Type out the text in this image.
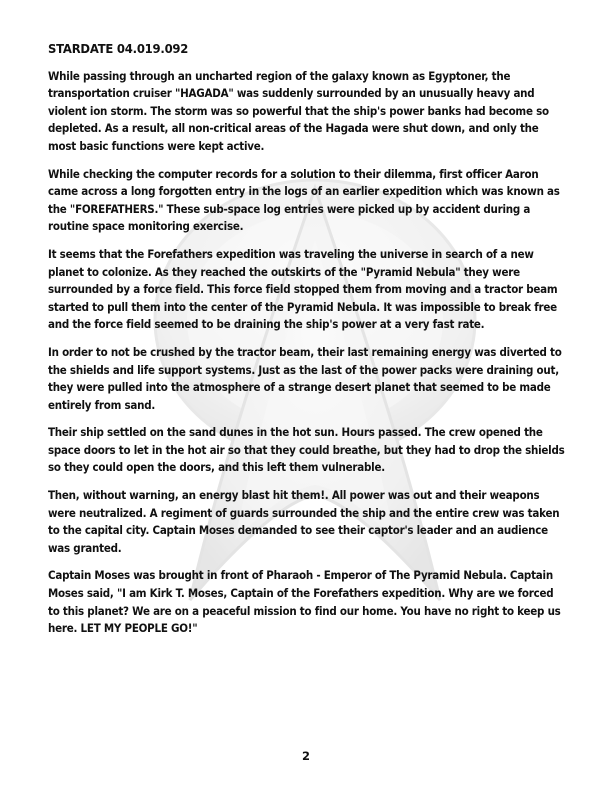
STARDATE 04.019.092

While passing through an uncharted region of the galaxy known as Egyptoner, the transportation cruiser "HAGADA" was suddenly surrounded by an unusually heavy and violent ion storm. The storm was so powerful that the ship's power banks had become so depleted. As a result, all non-critical areas of the Hagada were shut down, and only the most basic functions were kept active.

While checking the computer records for a solution to their dilemma, first officer Aaron came across a long forgotten entry in the logs of an earlier expedition which was known as the "FOREFATHERS." These sub-space log entries were picked up by accident during a routine space monitoring exercise.

It seems that the Forefathers expedition was traveling the universe in search of a new planet to colonize. As they reached the outskirts of the "Pyramid Nebula" they were surrounded by a force field. This force field stopped them from moving and a tractor beam started to pull them into the center of the Pyramid Nebula. It was impossible to break free and the force field seemed to be draining the ship's power at a very fast rate.

In order to not be crushed by the tractor beam, their last remaining energy was diverted to the shields and life support systems. Just as the last of the power packs were draining out, they were pulled into the atmosphere of a strange desert planet that seemed to be made entirely from sand.

Their ship settled on the sand dunes in the hot sun. Hours passed. The crew opened the space doors to let in the hot air so that they could breathe, but they had to drop the shields so they could open the doors, and this left them vulnerable.

Then, without warning, an energy blast hit them!. All power was out and their weapons were neutralized. A regiment of guards surrounded the ship and the entire crew was taken to the capital city. Captain Moses demanded to see their captor's leader and an audience was granted.

Captain Moses was brought in front of Pharaoh - Emperor of The Pyramid Nebula. Captain Moses said, "I am Kirk T. Moses, Captain of the Forefathers expedition. Why are we forced to this planet? We are on a peaceful mission to find our home. You have no right to keep us here. LET MY PEOPLE GO!"

2
